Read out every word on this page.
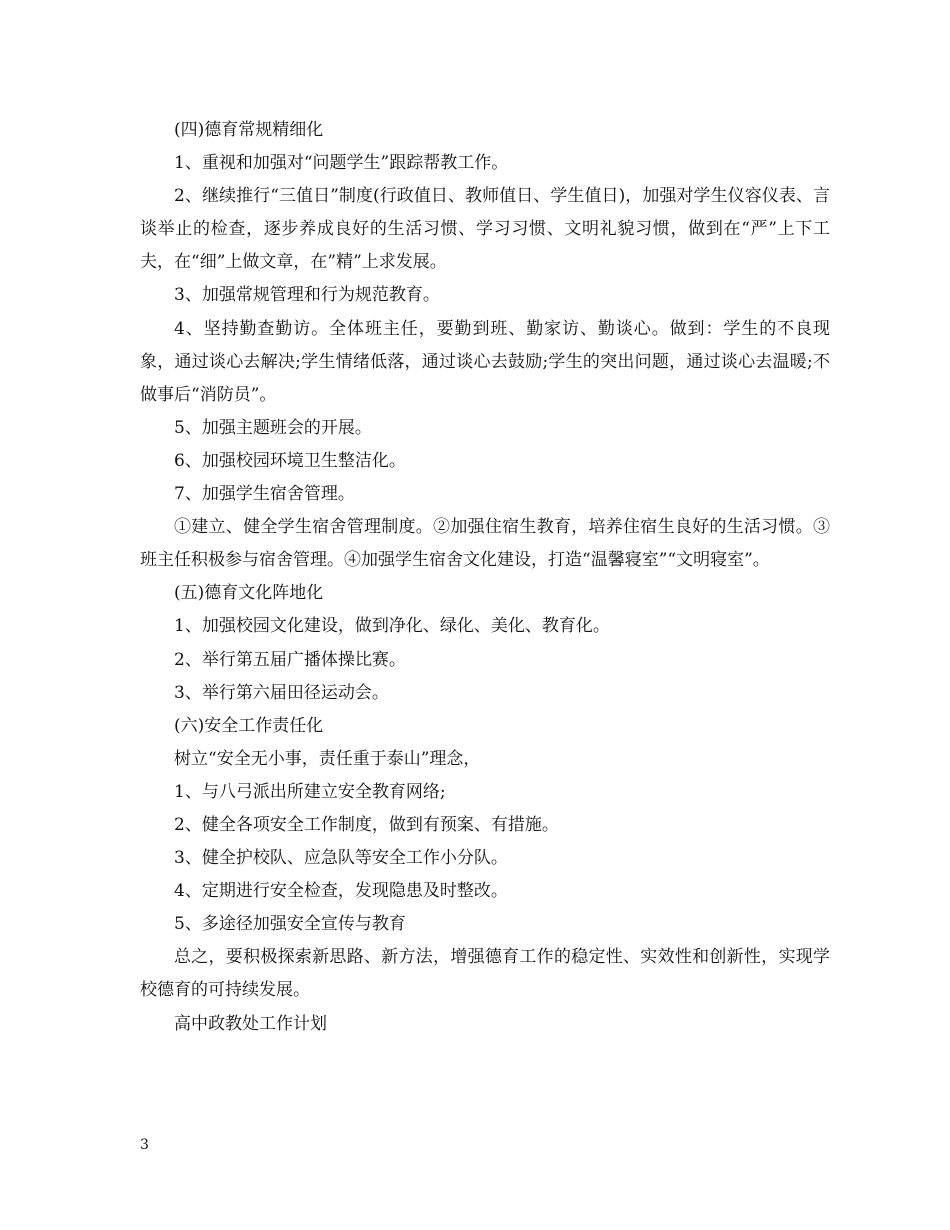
(四)德育常规精细化

1、重视和加强对“问题学生”跟踪帮教工作。

2、继续推行“三值日”制度(行政值日、教师值日、学生值日)，加强对学生仪容仪表、言谈举止的检查，逐步养成良好的生活习惯、学习习惯、文明礼貌习惯，做到在“严”上下工夫，在“细”上做文章，在”精”上求发展。

3、加强常规管理和行为规范教育。

4、坚持勤查勤访。全体班主任，要勤到班、勤家访、勤谈心。做到：学生的不良现象，通过谈心去解决;学生情绪低落，通过谈心去鼓励;学生的突出问题，通过谈心去温暖;不做事后“消防员”。

5、加强主题班会的开展。

6、加强校园环境卫生整洁化。

7、加强学生宿舍管理。

①建立、健全学生宿舍管理制度。②加强住宿生教育，培养住宿生良好的生活习惯。③班主任积极参与宿舍管理。④加强学生宿舍文化建设，打造“温馨寝室”“文明寝室”。

(五)德育文化阵地化

1、加强校园文化建设，做到净化、绿化、美化、教育化。

2、举行第五届广播体操比赛。

3、举行第六届田径运动会。

(六)安全工作责任化

树立“安全无小事，责任重于泰山”理念，

1、与八弓派出所建立安全教育网络;

2、健全各项安全工作制度，做到有预案、有措施。

3、健全护校队、应急队等安全工作小分队。

4、定期进行安全检查，发现隐患及时整改。

5、多途径加强安全宣传与教育

总之，要积极探索新思路、新方法，增强德育工作的稳定性、实效性和创新性，实现学校德育的可持续发展。

高中政教处工作计划

3
